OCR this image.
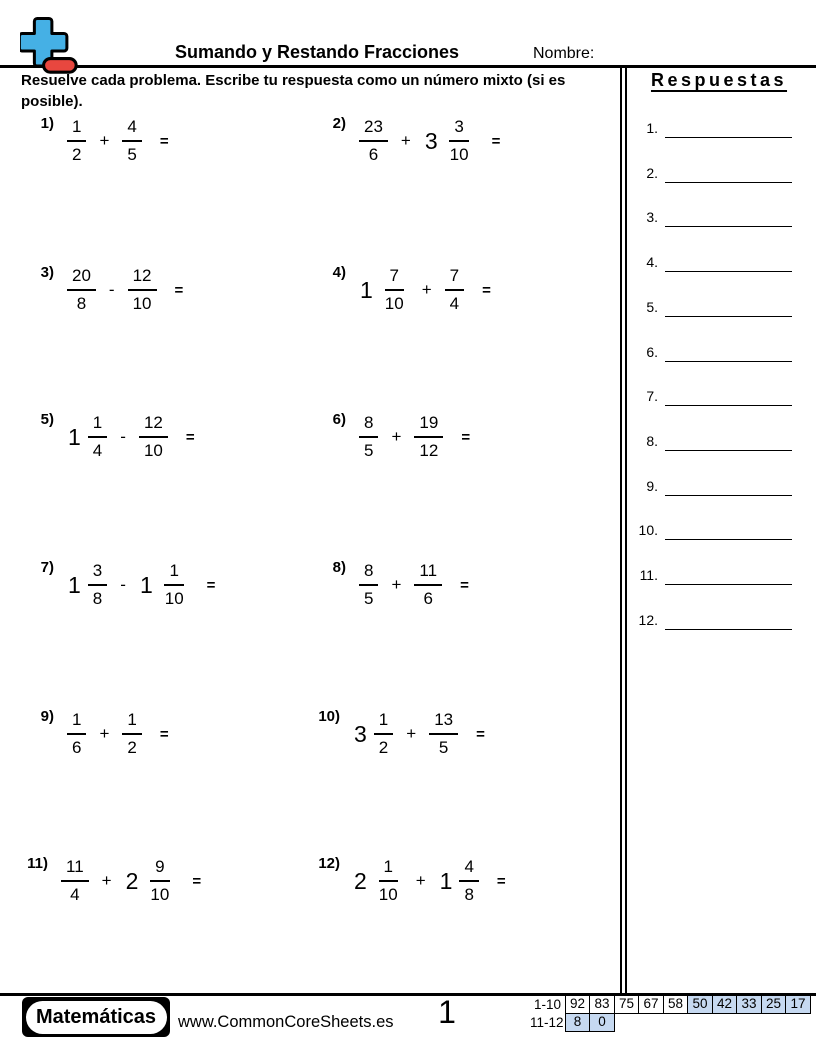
Sumando y Restando Fracciones	Nombre:
Resuelve cada problema. Escribe tu respuesta como un número mixto (si es posible).
$1) \frac{1}{2} + \frac{4}{5}$ =
$2) \frac{23}{6} + 3 \frac{3}{10}$ =
$3) \frac{20}{8} - \frac{12}{10}$ =
4)
$1 \frac{7}{10} + \frac{7}{4}$ =
5)
$1 \frac{1}{4} - \frac{12}{10}$ =
$6) \frac{8}{5} + \frac{19}{12}$ =
7)
$1 \frac{3}{8} - 1 \frac{1}{10}$ =
$8) \frac{8}{5} + \frac{11}{6}$ =
$9) \frac{1}{6} + \frac{1}{2}$ =
10)
$3 \frac{1}{2} + \frac{13}{5}$ =
$11) \frac{11}{4} + 2 \frac{9}{10}$ =
12)
$2 \frac{1}{10} + 1 \frac{4}{8}$ =
Respuestas
1.
2.
3.
4.
5.
6.
7.
8.
9.
10.
11.
12.
Matemáticas	www.CommonCoreSheets.es	1	1-10 92 83 75 67 58 50 42 33 25 17
11-12 8	0
